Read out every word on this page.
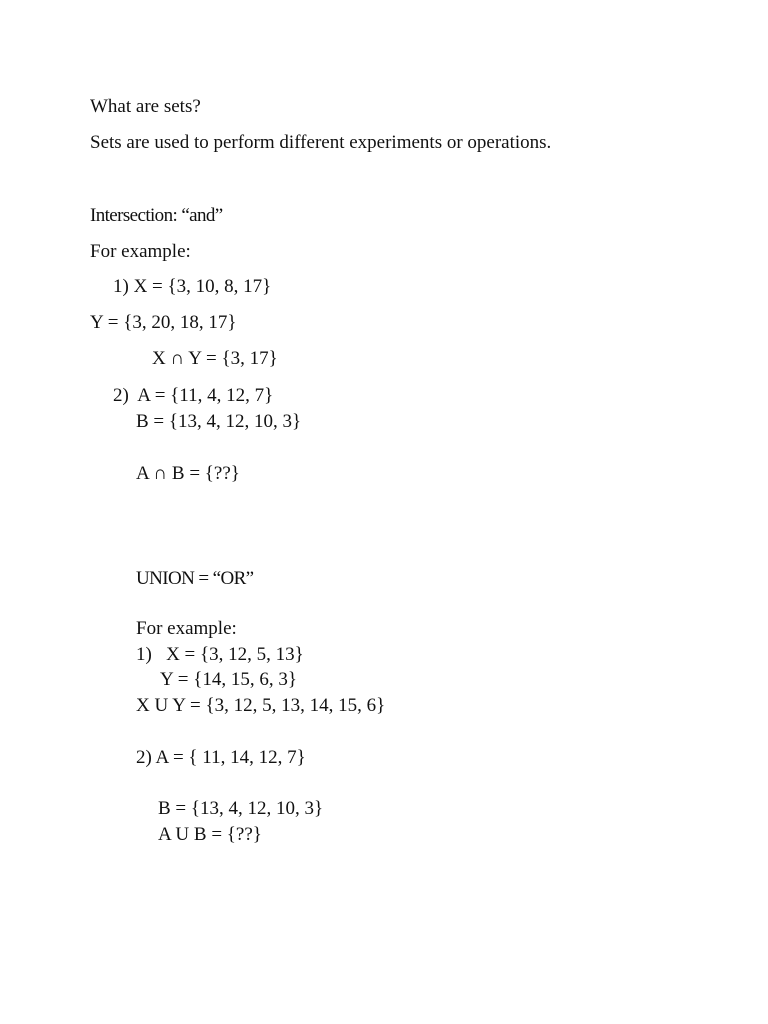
What are sets?
Sets are used to perform different experiments or operations.
Intersection: “and”
For example:
1) X = {3, 10, 8, 17}
Y = {3, 20, 18, 17}
X ∩ Y = {3, 17}
2)  A = {11, 4, 12, 7}
B = {13, 4, 12, 10, 3}
A ∩ B = {??}
UNION = “OR”
For example:
1)   X = {3, 12, 5, 13}
Y = {14, 15, 6, 3}
X U Y = {3, 12, 5, 13, 14, 15, 6}
2) A = { 11, 14, 12, 7}
B = {13, 4, 12, 10, 3}
A U B = {??}
